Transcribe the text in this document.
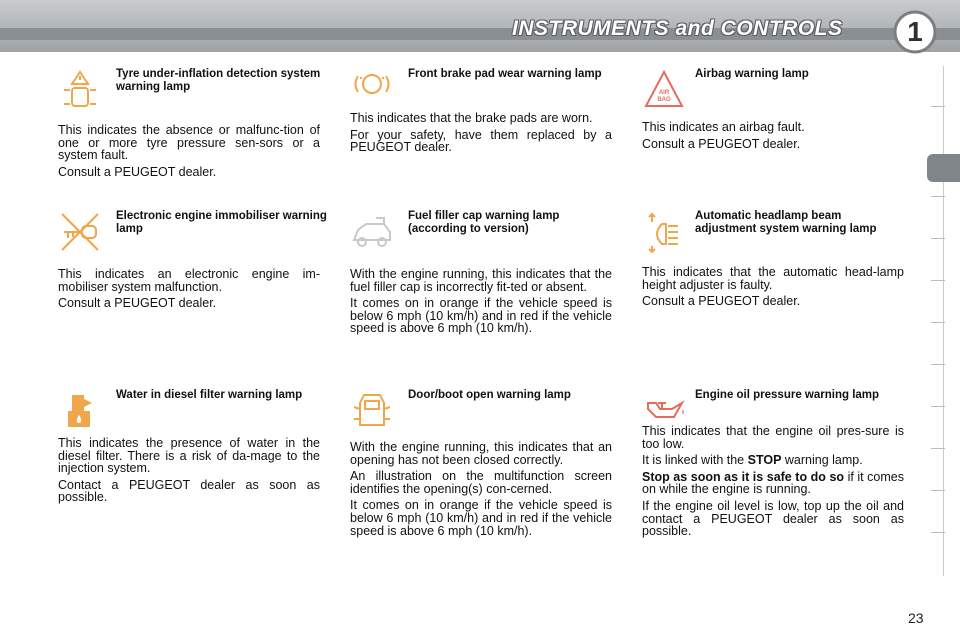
INSTRUMENTS and CONTROLS	1
Tyre under-inflation detection system warning lamp

This indicates the absence or malfunc-tion of one or more tyre pressure sen-sors or a system fault.

Consult a PEUGEOT dealer.

Electronic engine immobiliser warning lamp

This indicates an electronic engine im-mobiliser system malfunction.

Consult a PEUGEOT dealer.

Water in diesel filter warning lamp

This indicates the presence of water in the diesel filter. There is a risk of da-mage to the injection system.

Contact a PEUGEOT dealer as soon as possible.

Front brake pad wear warning lamp

This indicates that the brake pads are worn.

For your safety, have them replaced by a PEUGEOT dealer.

Fuel filler cap warning lamp (according to version)

With the engine running, this indicates that the fuel filler cap is incorrectly fit-ted or absent.

It comes on in orange if the vehicle speed is below 6 mph (10 km/h) and in red if the vehicle speed is above 6 mph (10 km/h).

Door/boot open warning lamp

With the engine running, this indicates that an opening has not been closed correctly.

An illustration on the multifunction screen identifies the opening(s) con-cerned.

It comes on in orange if the vehicle speed is below 6 mph (10 km/h) and in red if the vehicle speed is above 6 mph (10 km/h).

AIR
BAG
Airbag warning lamp

This indicates an airbag fault.

Consult a PEUGEOT dealer.

Automatic headlamp beam adjustment system warning lamp

This indicates that the automatic head-lamp height adjuster is faulty.

Consult a PEUGEOT dealer.

Engine oil pressure warning lamp

This indicates that the engine oil pres-sure is too low.

It is linked with the STOP warning lamp.

Stop as soon as it is safe to do so if it comes on while the engine is running.

If the engine oil level is low, top up the oil and contact a PEUGEOT dealer as soon as possible.

23
